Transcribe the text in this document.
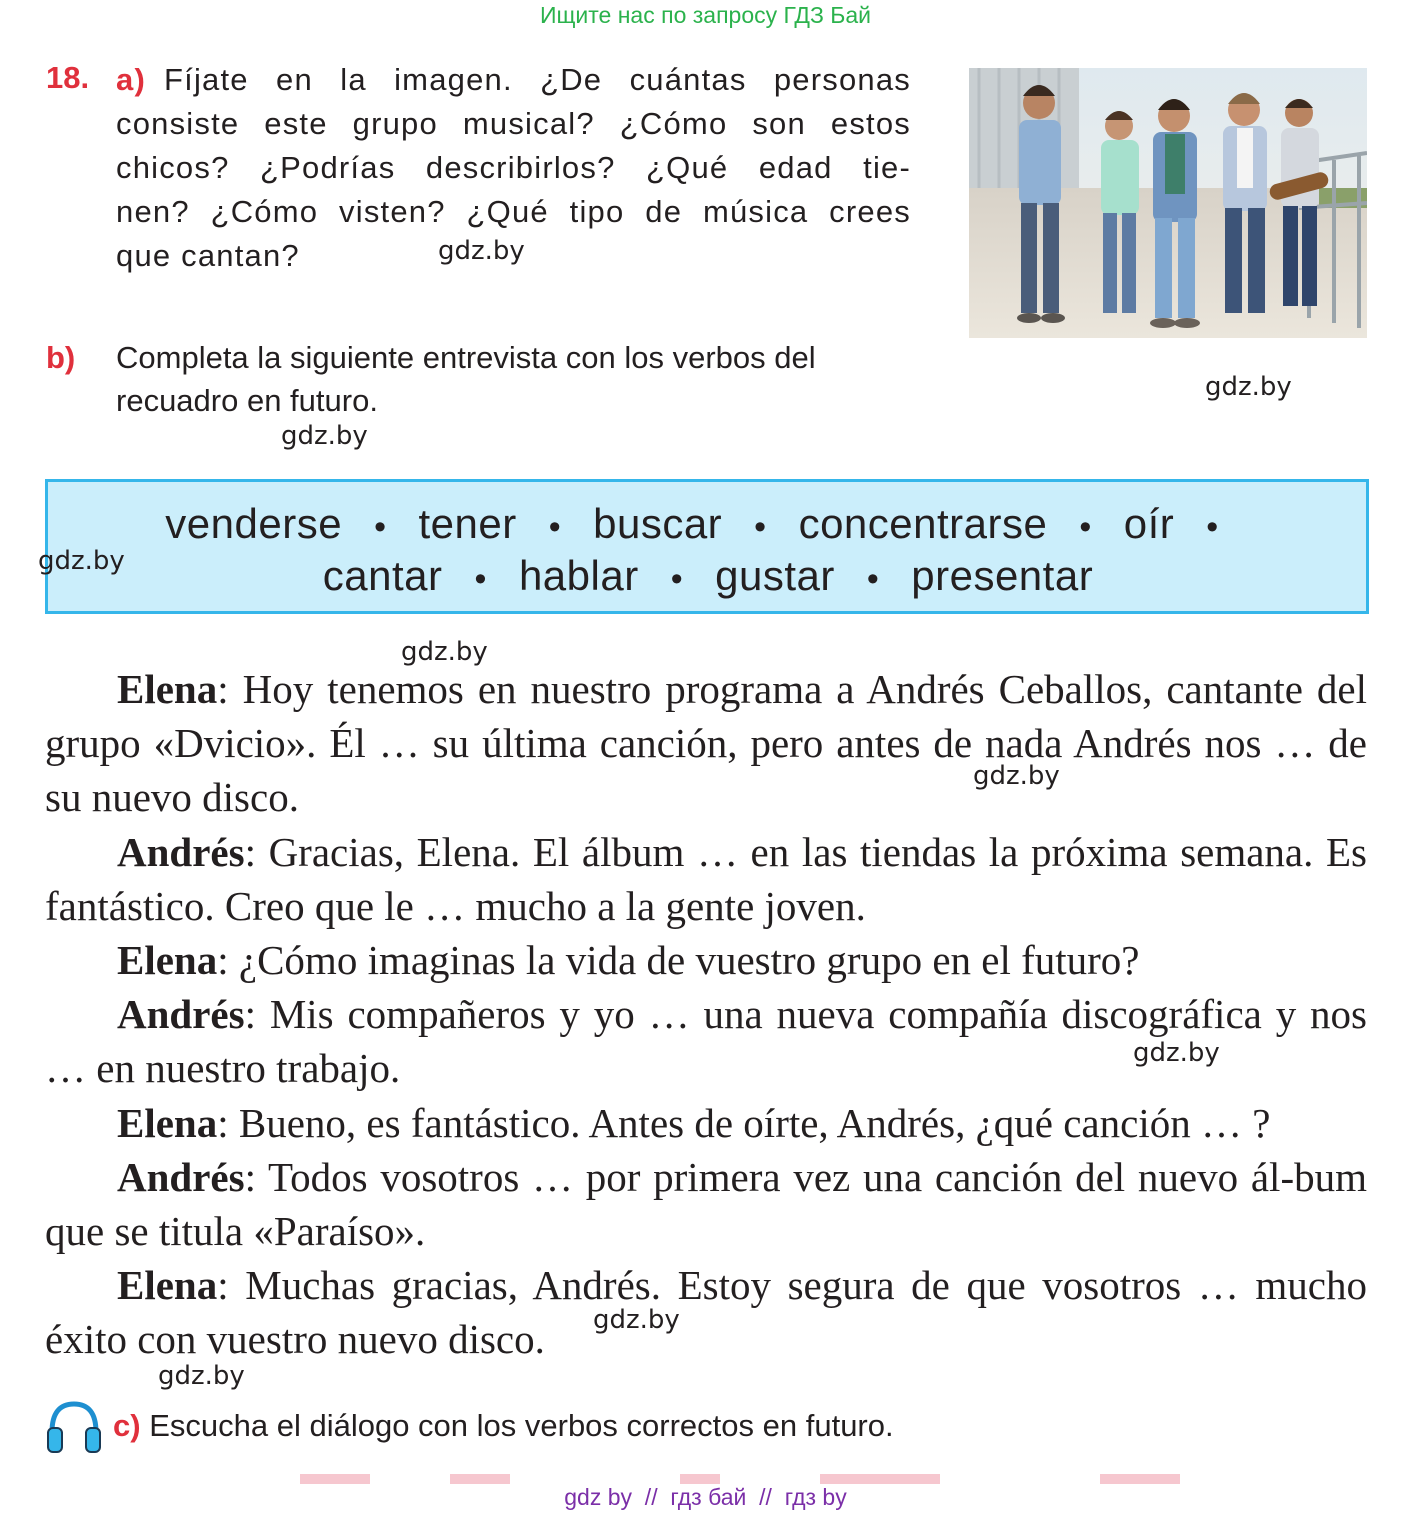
Ищите нас по запросу ГДЗ Бай
18. a) Fíjate en la imagen. ¿De cuántas personas
consiste este grupo musical? ¿Cómo son estos
chicos? ¿Podrías describirlos? ¿Qué edad tie-
nen? ¿Cómo visten? ¿Qué tipo de música crees
que cantan?	gdz.by
b) Completa la siguiente entrevista con los verbos del
recuadro en futuro.	gdz.by
gdz.by
venderse • tener • buscar • concentrarse • oír •
cantar • hablar • gustar • presentar
gdz.by
gdz.by

Elena: Hoy tenemos en nuestro programa a Andrés Ceballos, cantante del grupo «Dvicio». Él … su última canción, pero antes de nada Andrés nos … de su nuevo disco.

Andrés: Gracias, Elena. El álbum … en las tiendas la próxima semana. Es fantástico. Creo que le … mucho a la gente joven.

Elena: ¿Cómo imaginas la vida de vuestro grupo en el futuro?

Andrés: Mis compañeros y yo … una nueva compañía discográfica y nos … en nuestro trabajo.

Elena: Bueno, es fantástico. Antes de oírte, Andrés, ¿qué canción … ?

Andrés: Todos vosotros … por primera vez una canción del nuevo ál-bum que se titula «Paraíso».

Elena: Muchas gracias, Andrés. Estoy segura de que vosotros … mucho éxito con vuestro nuevo disco.

gdz.by
gdz.by
gdz.by
gdz.by
c) Escucha el diálogo con los verbos correctos en futuro.
gdz by  //  гдз бай  //  гдз by
